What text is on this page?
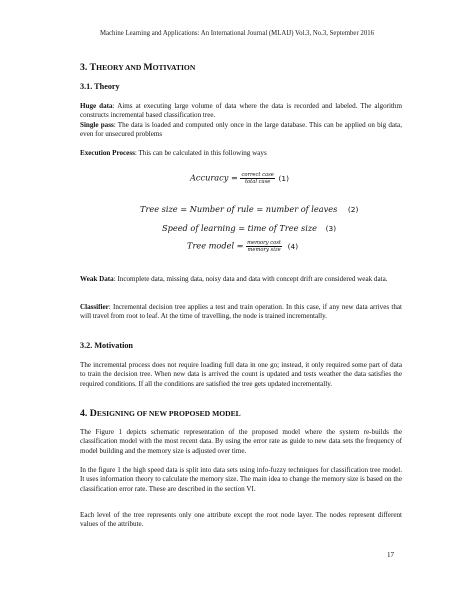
Machine Learning and Applications: An International Journal (MLAIJ) Vol.3, No.3, September 2016
3. THEORY AND MOTIVATION
3.1. Theory

Huge data: Aims at executing large volume of data where the data is recorded and labeled. The algorithm constructs incremental based classification tree.

Single pass: The data is loaded and computed only once in the large database. This can be applied on big data, even for unsecured problems

Execution Process: This can be calculated in this following ways

Accuracy = $\frac{\text{correct case}}{\text{total case}} (1)$
Tree size = Number of rule = number of leaves (2)
Speed of learning = time of Tree size (3)
Tree model = $\frac{\text{memory cost}}{\text{memory size}} (4)$

Weak Data: Incomplete data, missing data, noisy data and data with concept drift are considered weak data.

Classifier: Incremental decision tree applies a test and train operation. In this case, if any new data arrives that will travel from root to leaf. At the time of travelling, the node is trained incrementally.

3.2. Motivation

The incremental process does not require loading full data in one go; instead, it only required some part of data to train the decision tree. When new data is arrived the count is updated and tests weather the data satisfies the required conditions. If all the conditions are satisfied the tree gets updated incrementally.

4. DESIGNING OF NEW PROPOSED MODEL

The Figure 1 depicts schematic representation of the proposed model where the system re-builds the classification model with the most recent data. By using the error rate as guide to new data sets the frequency of model building and the memory size is adjusted over time.

In the figure 1 the high speed data is split into data sets using info-fuzzy techniques for classification tree model. It uses information theory to calculate the memory size. The main idea to change the memory size is based on the classification error rate. These are described in the section VI.

Each level of the tree represents only one attribute except the root node layer. The nodes represent different values of the attribute.

17
